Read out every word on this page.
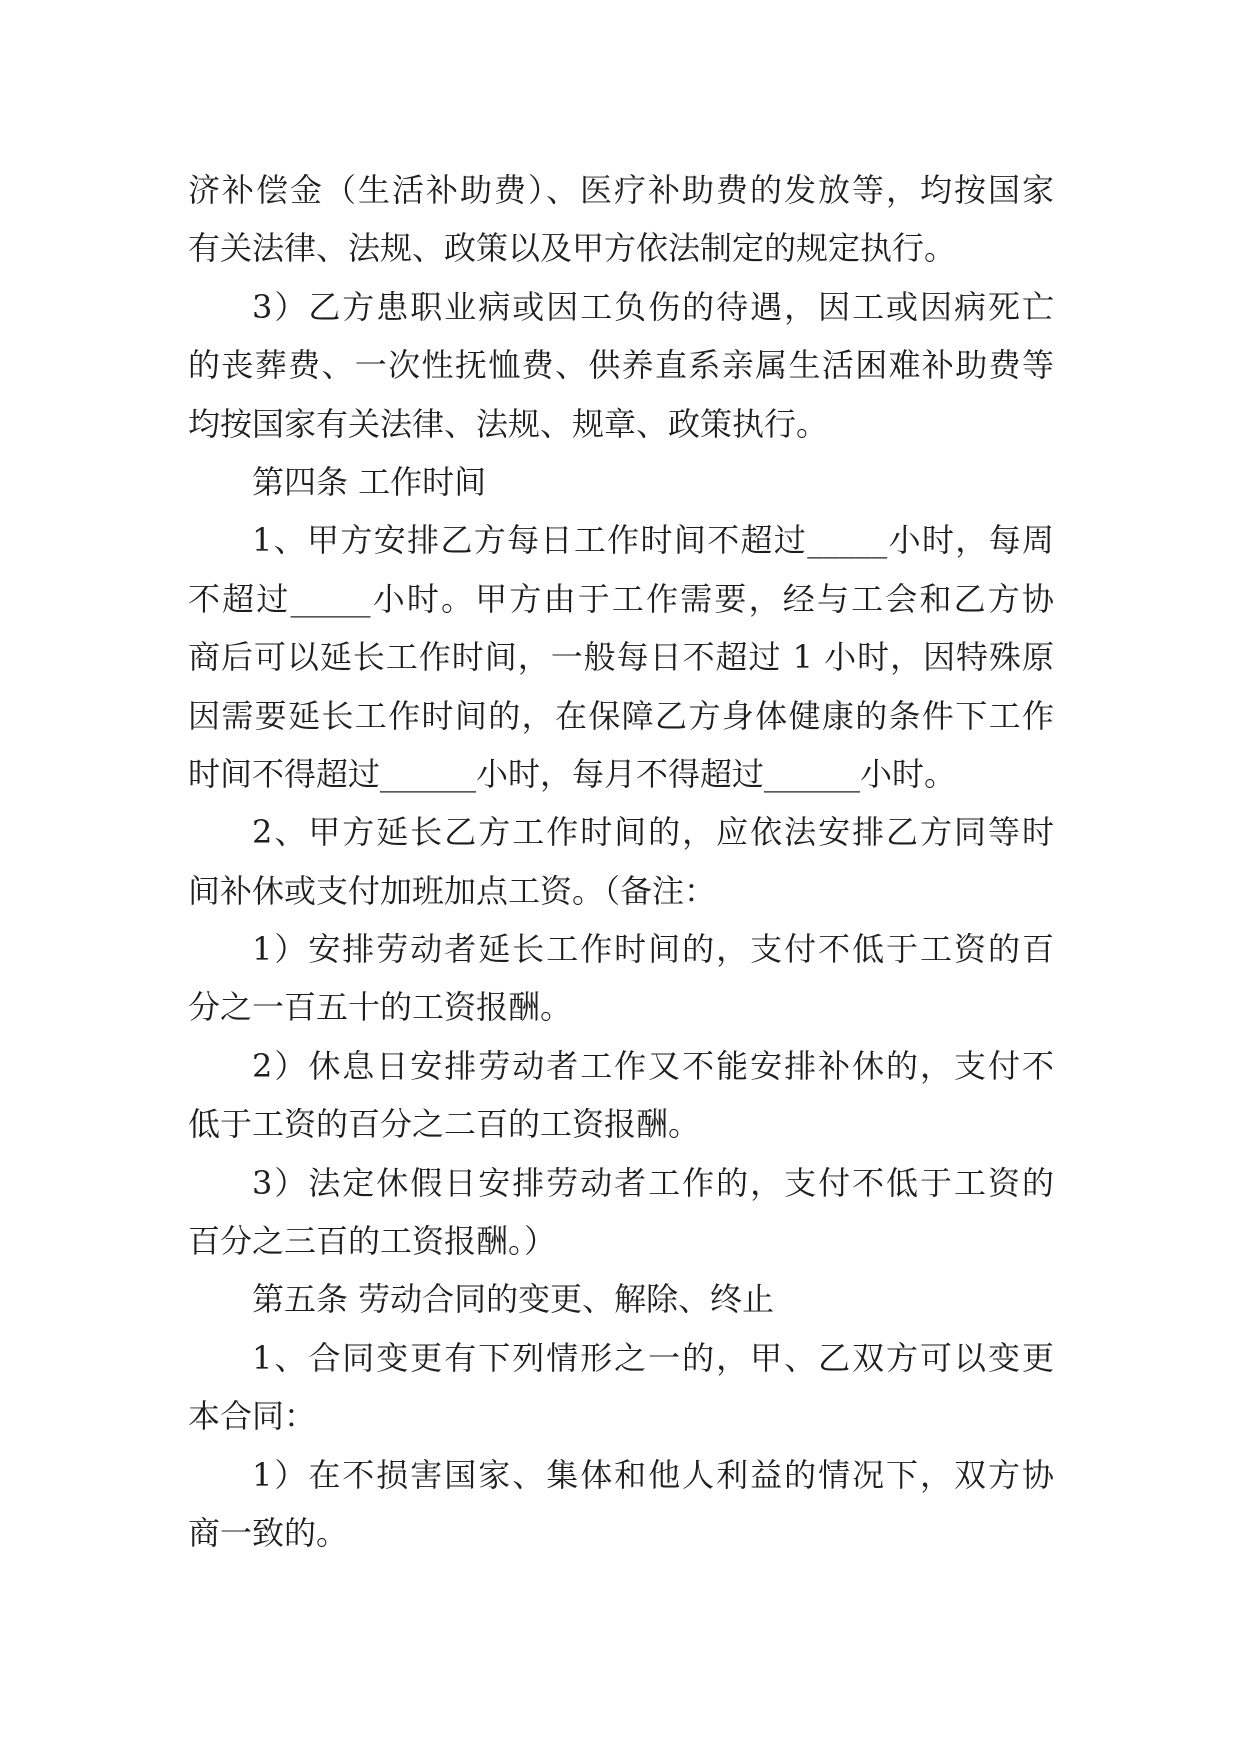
济补偿金（生活补助费）、医疗补助费的发放等，均按国家
有关法律、法规、政策以及甲方依法制定的规定执行。
3）乙方患职业病或因工负伤的待遇，因工或因病死亡
的丧葬费、一次性抚恤费、供养直系亲属生活困难补助费等
均按国家有关法律、法规、规章、政策执行。
第四条 工作时间
1、甲方安排乙方每日工作时间不超过_____小时，每周
不超过_____小时。甲方由于工作需要，经与工会和乙方协
商后可以延长工作时间，一般每日不超过 1 小时，因特殊原
因需要延长工作时间的，在保障乙方身体健康的条件下工作
时间不得超过______小时，每月不得超过______小时。
2、甲方延长乙方工作时间的，应依法安排乙方同等时
间补休或支付加班加点工资。（备注：
1）安排劳动者延长工作时间的，支付不低于工资的百
分之一百五十的工资报酬。
2）休息日安排劳动者工作又不能安排补休的，支付不
低于工资的百分之二百的工资报酬。
3）法定休假日安排劳动者工作的，支付不低于工资的
百分之三百的工资报酬。）
第五条 劳动合同的变更、解除、终止
1、合同变更有下列情形之一的，甲、乙双方可以变更
本合同：
1）在不损害国家、集体和他人利益的情况下，双方协
商一致的。
